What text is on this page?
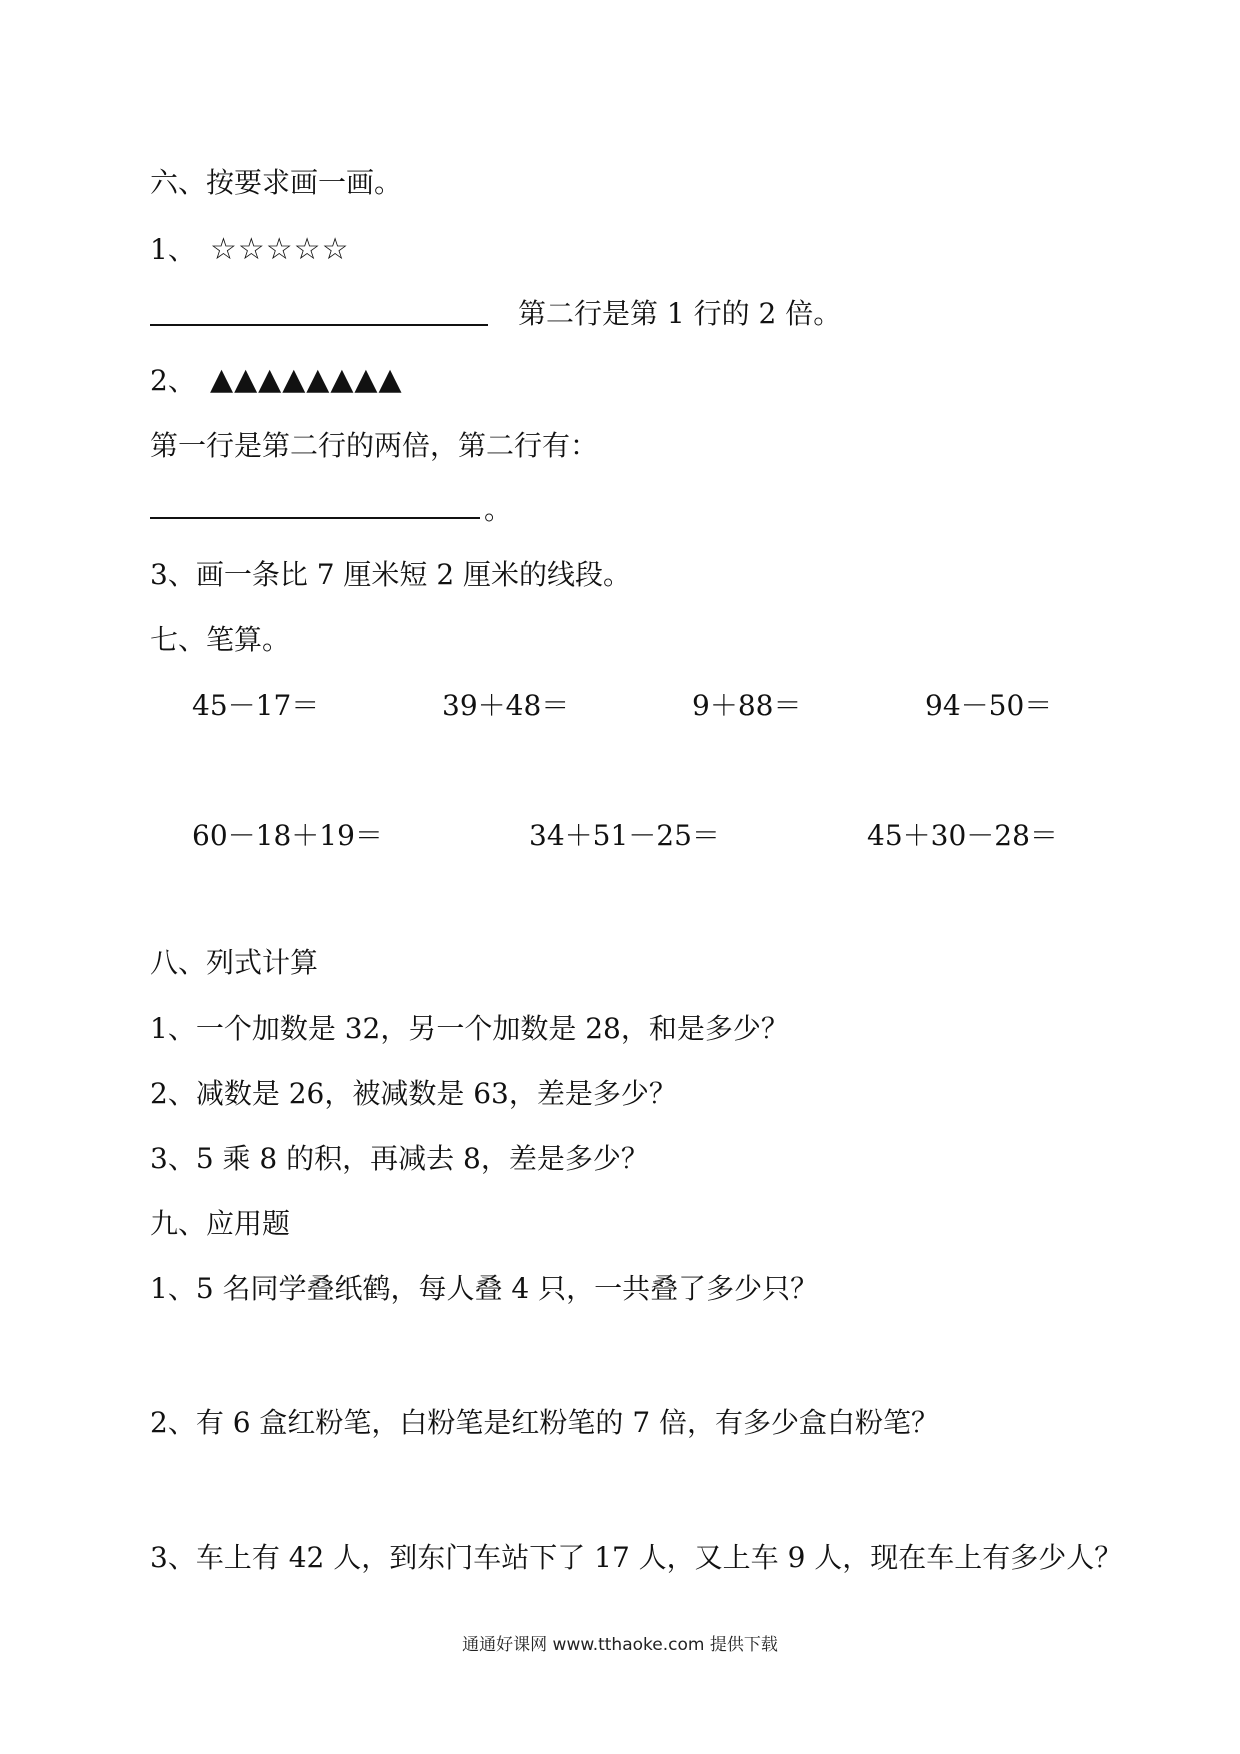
六、按要求画一画。
1、 ☆☆☆☆☆
第二行是第 1 行的 2 倍。
2、 ▲▲▲▲▲▲▲▲
第一行是第二行的两倍，第二行有：
。
3、画一条比 7 厘米短 2 厘米的线段。
七、笔算。
45－17＝	39＋48＝	9＋88＝	94－50＝
60－18＋19＝	34＋51－25＝	45＋30－28＝
八、列式计算
1、一个加数是 32，另一个加数是 28，和是多少？
2、减数是 26，被减数是 63，差是多少？
3、5 乘 8 的积，再减去 8，差是多少？
九、应用题
1、5 名同学叠纸鹤，每人叠 4 只，一共叠了多少只？
2、有 6 盒红粉笔，白粉笔是红粉笔的 7 倍，有多少盒白粉笔？
3、车上有 42 人，到东门车站下了 17 人，又上车 9 人，现在车上有多少人？
通通好课网 www.tthaoke.com 提供下载
